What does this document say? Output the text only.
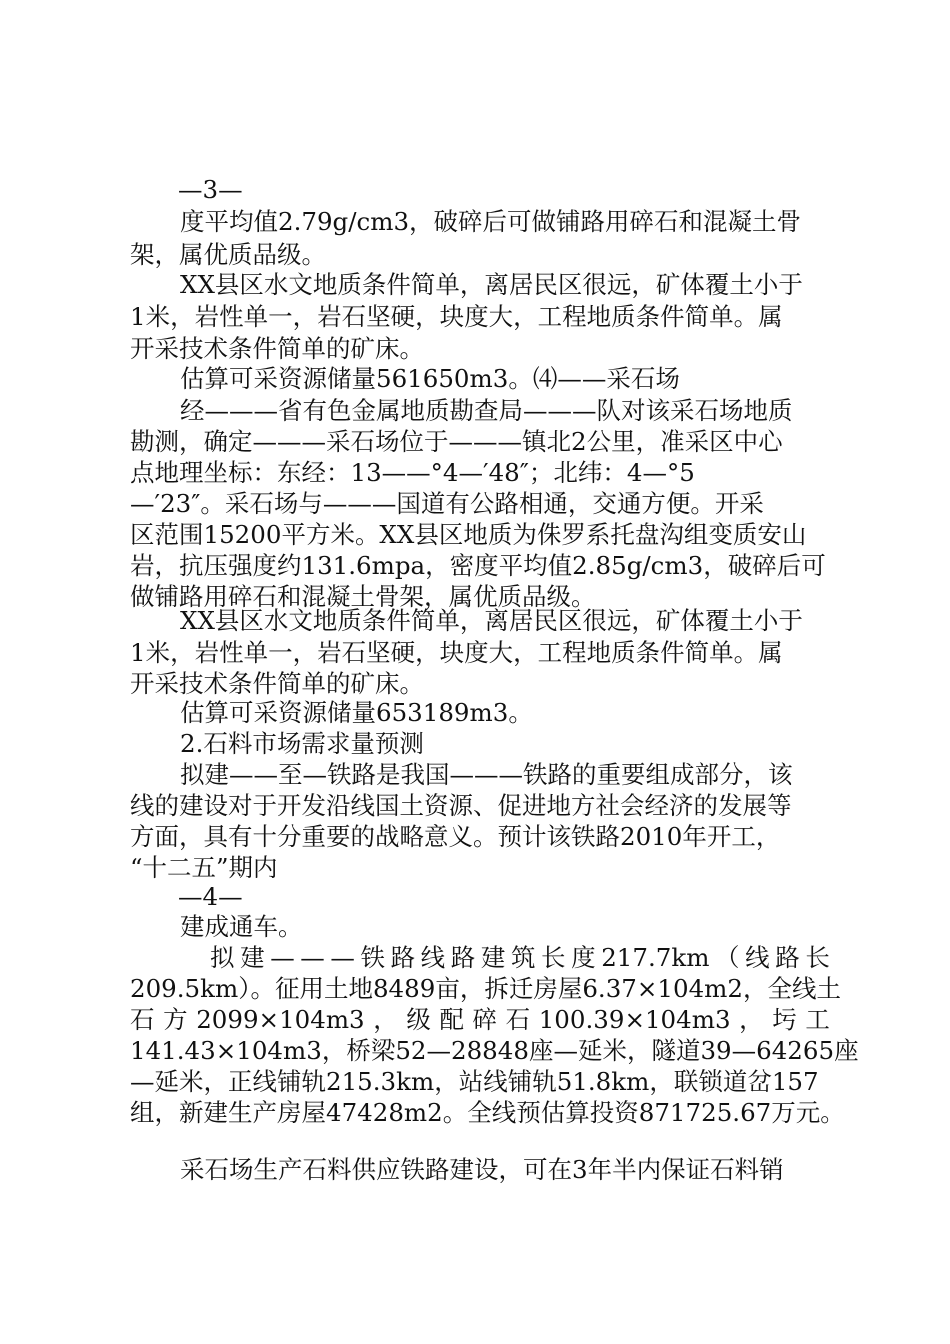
—3—
度平均值2.79g/cm3，破碎后可做铺路用碎石和混凝土骨
架，属优质品级。
XX县区水文地质条件简单，离居民区很远，矿体覆土小于
1米，岩性单一，岩石坚硬，块度大，工程地质条件简单。属
开采技术条件简单的矿床。
估算可采资源储量561650m3。⑷——采石场
经———省有色金属地质勘查局———队对该采石场地质
勘测，确定———采石场位于———镇北2公里，准采区中心
点地理坐标：东经：13——°4—′48″；北纬：4—°5
—′23″。采石场与———国道有公路相通，交通方便。开采
区范围15200平方米。XX县区地质为侏罗系托盘沟组变质安山
岩，抗压强度约131.6mpa，密度平均值2.85g/cm3，破碎后可
做铺路用碎石和混凝土骨架，属优质品级。
XX县区水文地质条件简单，离居民区很远，矿体覆土小于
1米，岩性单一，岩石坚硬，块度大，工程地质条件简单。属
开采技术条件简单的矿床。
估算可采资源储量653189m3。
2.石料市场需求量预测
拟建——至—铁路是我国———铁路的重要组成部分，该
线的建设对于开发沿线国土资源、促进地方社会经济的发展等
方面，具有十分重要的战略意义。预计该铁路2010年开工，
“十二五”期内
—4—
建成通车。
拟 建 — — — 铁 路 线 路 建 筑 长 度 217.7km （ 线 路 长
209.5km）。征用土地8489亩，拆迁房屋6.37×104m2，全线土
石 方 2099×104m3 ， 级 配 碎 石 100.39×104m3 ， 圬 工
141.43×104m3，桥梁52—28848座—延米，隧道39—64265座
—延米，正线铺轨215.3km，站线铺轨51.8km，联锁道岔157
组，新建生产房屋47428m2。全线预估算投资871725.67万元。
采石场生产石料供应铁路建设，可在3年半内保证石料销
